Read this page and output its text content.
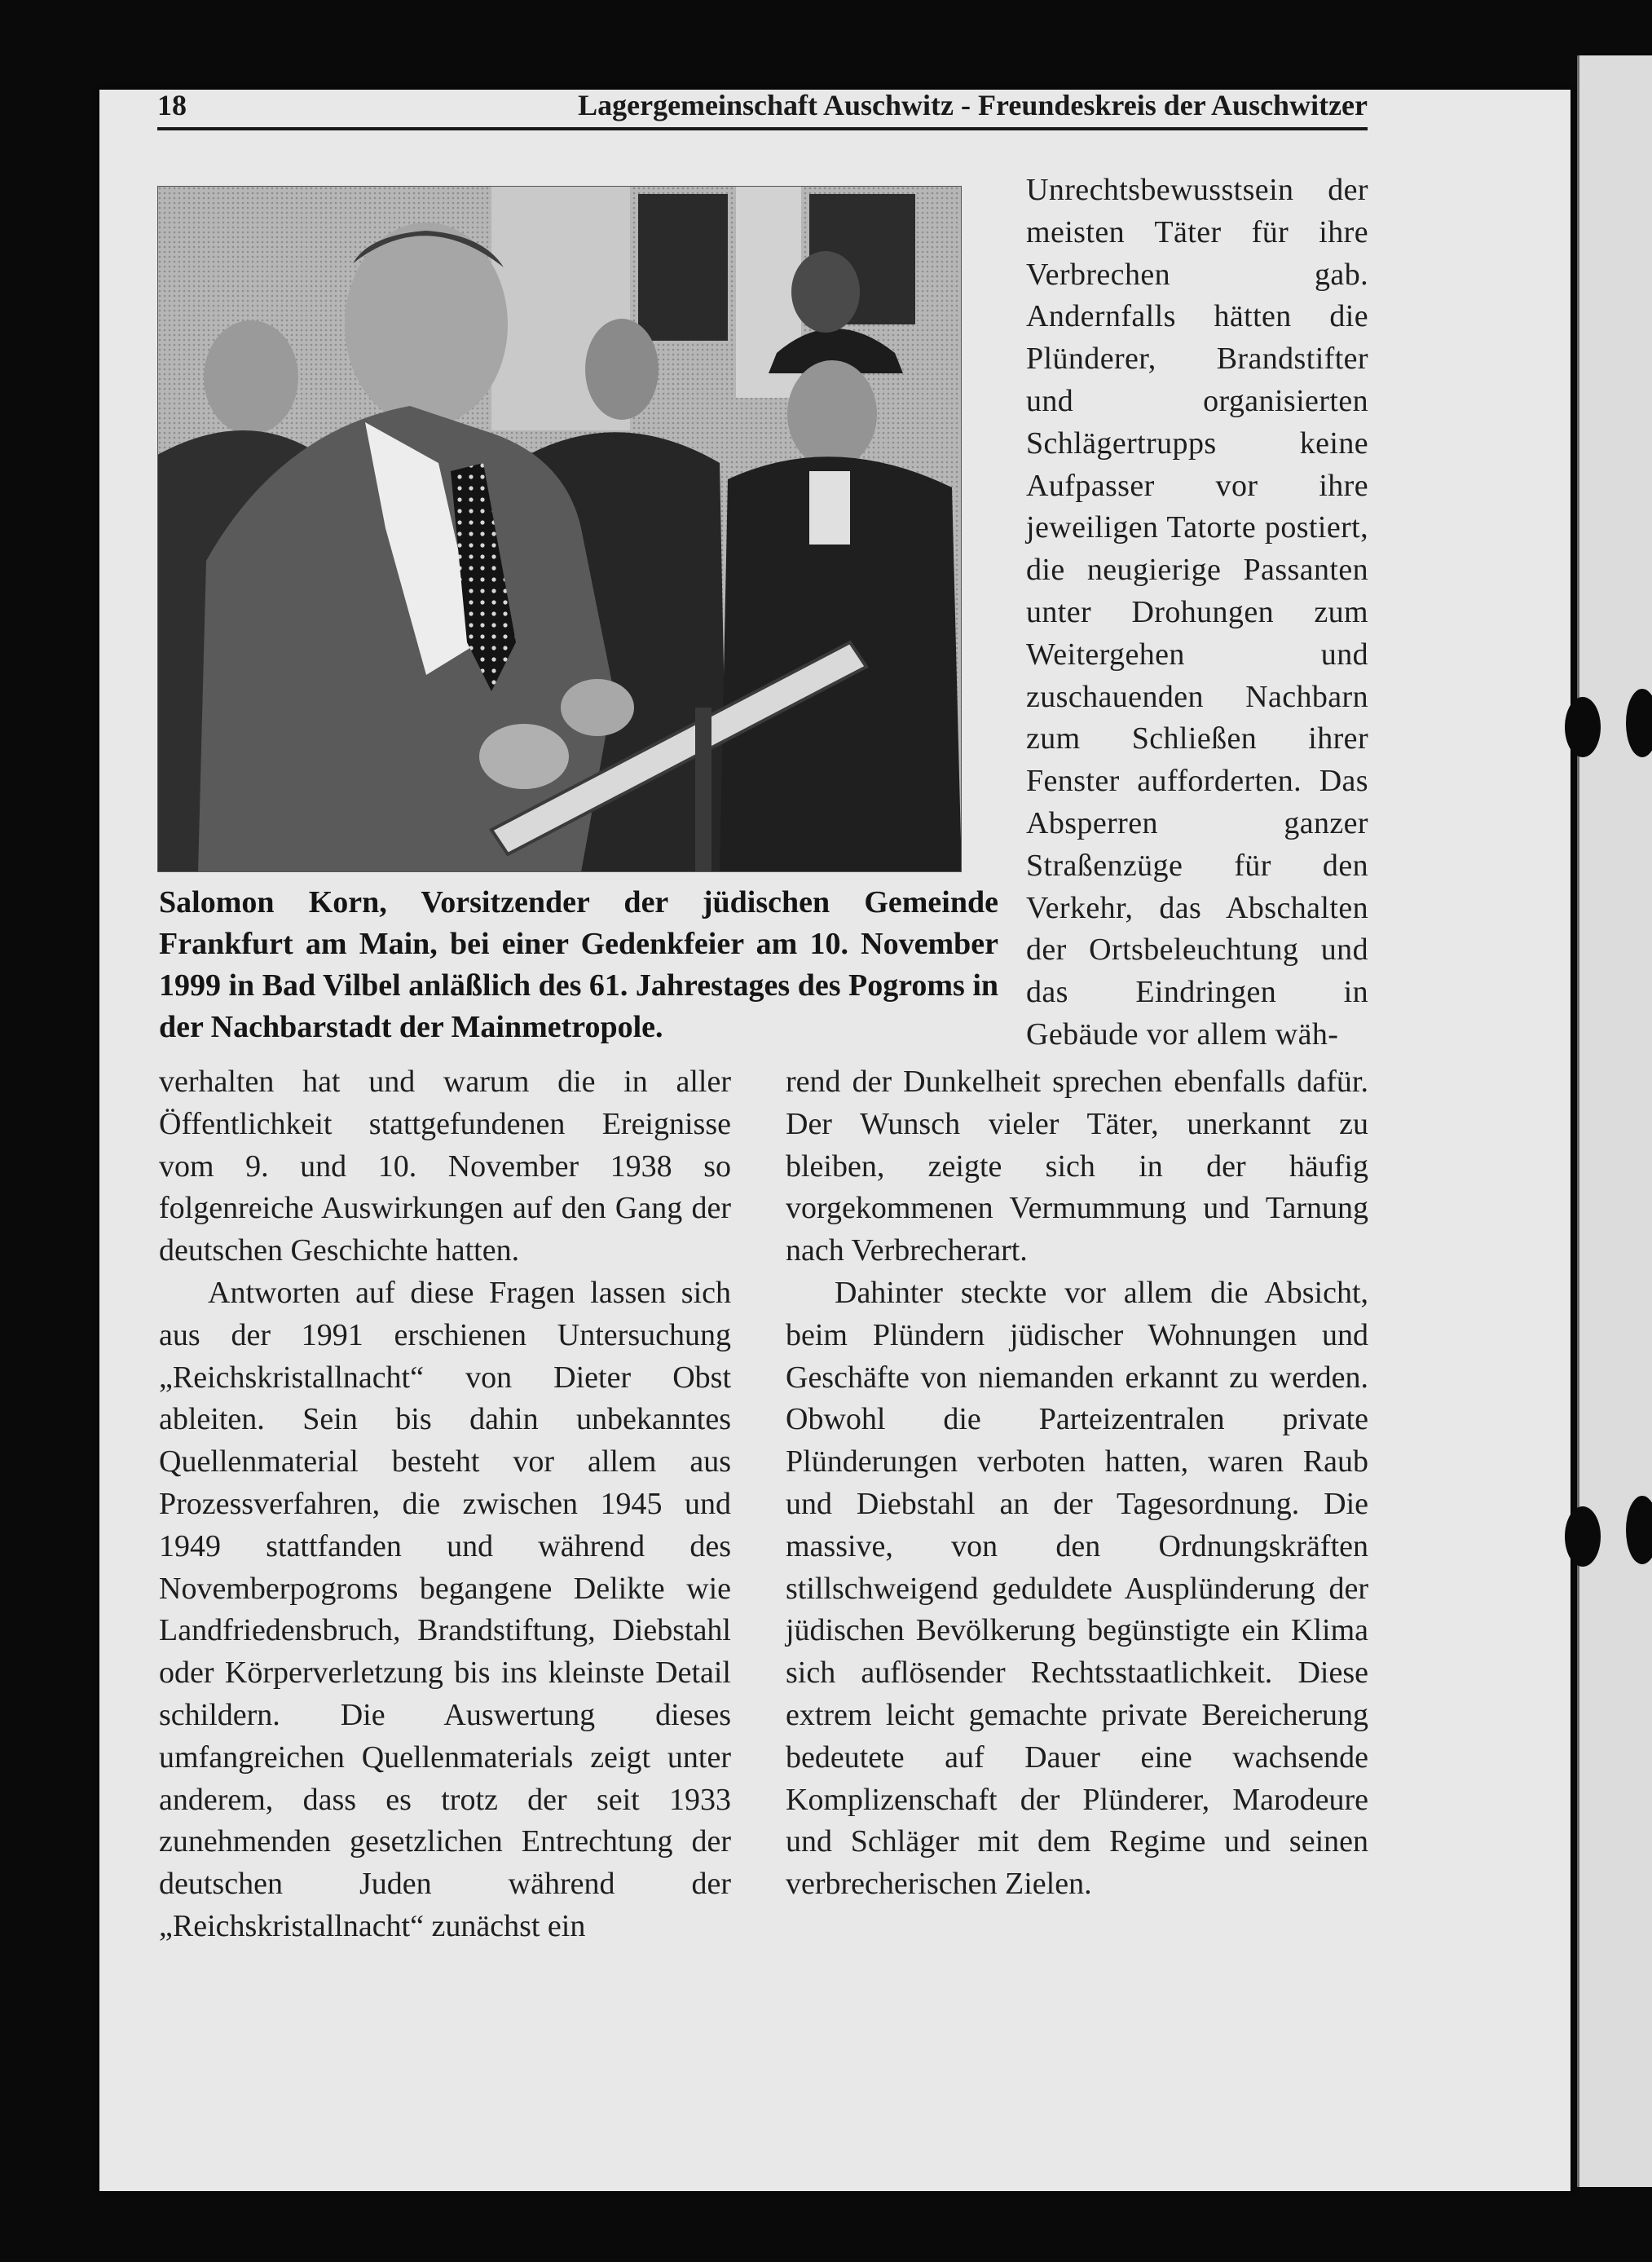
18	Lagergemeinschaft Auschwitz - Freundeskreis der Auschwitzer
Salomon Korn, Vorsitzender der jüdischen Gemeinde Frankfurt am Main, bei einer Gedenkfeier am 10. November 1999 in Bad Vilbel anläßlich des 61. Jahrestages des Pogroms in der Nachbarstadt der Mainmetropole.

Unrechtsbewusstsein der meisten Täter für ihre Verbrechen gab. Andernfalls hätten die Plünderer, Brandstifter und organisierten Schlägertrupps keine Aufpasser vor ihre jeweiligen Tatorte postiert, die neugierige Passanten unter Drohungen zum Weitergehen und zuschauenden Nachbarn zum Schließen ihrer Fenster aufforderten. Das Absperren ganzer Straßenzüge für den Verkehr, das Abschalten der Ortsbeleuchtung und das Eindringen in Gebäude vor allem wäh-

verhalten hat und warum die in aller Öffentlichkeit stattgefundenen Ereignisse vom 9. und 10. November 1938 so folgenreiche Auswirkungen auf den Gang der deutschen Geschichte hatten.

Antworten auf diese Fragen lassen sich aus der 1991 erschienen Untersuchung „Reichskristallnacht“ von Dieter Obst ableiten. Sein bis dahin unbekanntes Quellenmaterial besteht vor allem aus Prozessverfahren, die zwischen 1945 und 1949 stattfanden und während des Novemberpogroms begangene Delikte wie Landfriedensbruch, Brandstiftung, Diebstahl oder Körperverletzung bis ins kleinste Detail schildern. Die Auswertung dieses umfangreichen Quellenmaterials zeigt unter anderem, dass es trotz der seit 1933 zunehmenden gesetzlichen Entrechtung der deutschen Juden während der „Reichskristallnacht“ zunächst ein

rend der Dunkelheit sprechen ebenfalls dafür. Der Wunsch vieler Täter, unerkannt zu bleiben, zeigte sich in der häufig vorgekommenen Vermummung und Tarnung nach Verbrecherart.

Dahinter steckte vor allem die Absicht, beim Plündern jüdischer Wohnungen und Geschäfte von niemanden erkannt zu werden. Obwohl die Parteizentralen private Plünderungen verboten hatten, waren Raub und Diebstahl an der Tagesordnung. Die massive, von den Ordnungskräften stillschweigend geduldete Ausplünderung der jüdischen Bevölkerung begünstigte ein Klima sich auflösender Rechtsstaatlichkeit. Diese extrem leicht gemachte private Bereicherung bedeutete auf Dauer eine wachsende Komplizenschaft der Plünderer, Marodeure und Schläger mit dem Regime und seinen verbrecherischen Zielen.
